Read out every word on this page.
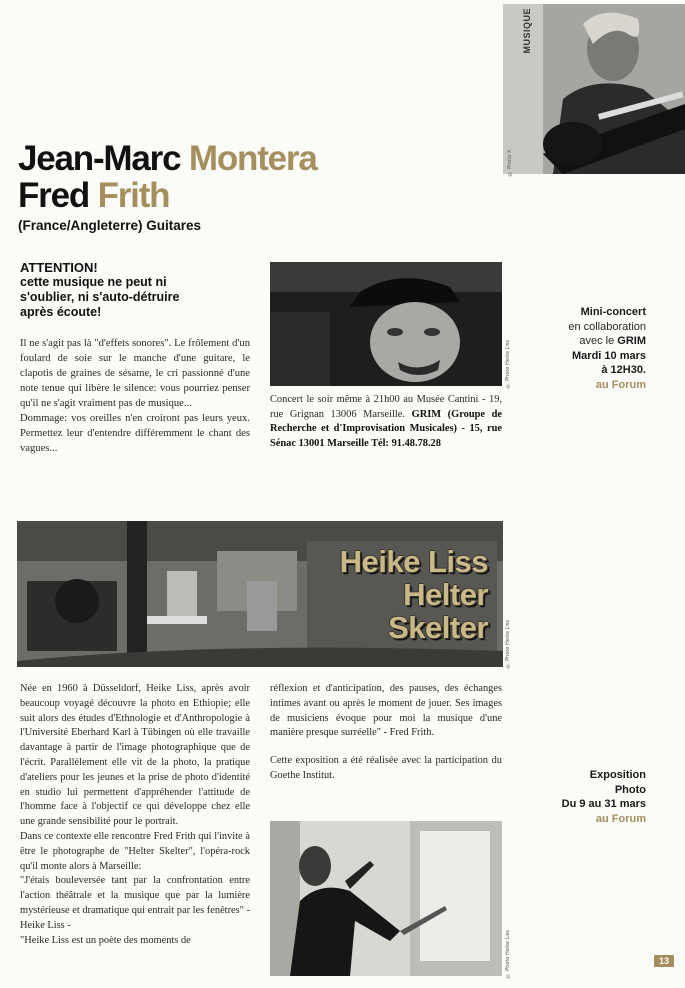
MUSIQUE
© Photo X.
Jean-Marc Montera
Fred Frith
(France/Angleterre) Guitares
ATTENTION!
cette musique ne peut ni
s'oublier, ni s'auto-détruire
après écoute!
Il ne s'agit pas là "d'effets sonores". Le frôlement d'un foulard de soie sur le manche d'une guitare, le clapotis de graines de sésame, le cri passionné d'une note tenue qui libère le silence: vous pourriez penser qu'il ne s'agit vraiment pas de musique...
Dommage: vos oreilles n'en croiront pas leurs yeux. Permettez leur d'entendre différemment le chant des vagues...
© Photo Heike Liss
Concert le soir même à 21h00 au Musée Cantini - 19, rue Grignan 13006 Marseille. GRIM (Groupe de Recherche et d'Improvisation Musicales) - 15, rue Sénac 13001 Marseille Tél: 91.48.78.28
Mini-concert
en collaboration
avec le GRIM
Mardi 10 mars
à 12H30.
au Forum
Heike Liss
Helter
Skelter	© Photo Heike Liss
Née en 1960 à Düsseldorf, Heike Liss, après avoir beaucoup voyagé découvre la photo en Ethiopie; elle suit alors des études d'Ethnologie et d'Anthropologie à l'Université Eberhard Karl à Tübingen où elle travaille davantage à partir de l'image photographique que de l'écrit. Parallèlement elle vit de la photo, la pratique d'ateliers pour les jeunes et la prise de photo d'identité en studio lui permettent d'appréhender l'attitude de l'homme face à l'objectif ce qui développe chez elle une grande sensibilité pour le portrait.
Dans ce contexte elle rencontre Fred Frith qui l'invite à être le photographe de "Helter Skelter", l'opéra-rock qu'il monte alors à Marseille:
"J'étais bouleversée tant par la confrontation entre l'action théâtrale et la musique que par la lumière mystérieuse et dramatique qui entrait par les fenêtres" - Heike Liss -
"Heike Liss est un poète des moments de
réflexion et d'anticipation, des pauses, des échanges intimes avant ou après le moment de jouer. Ses images de musiciens évoque pour moi la musique d'une manière presque surréelle" - Fred Frith.
Cette exposition a été réalisée avec la participation du Goethe Institut.	Exposition
Photo
Du 9 au 31 mars
au Forum
© Photo Heike Liss	13
